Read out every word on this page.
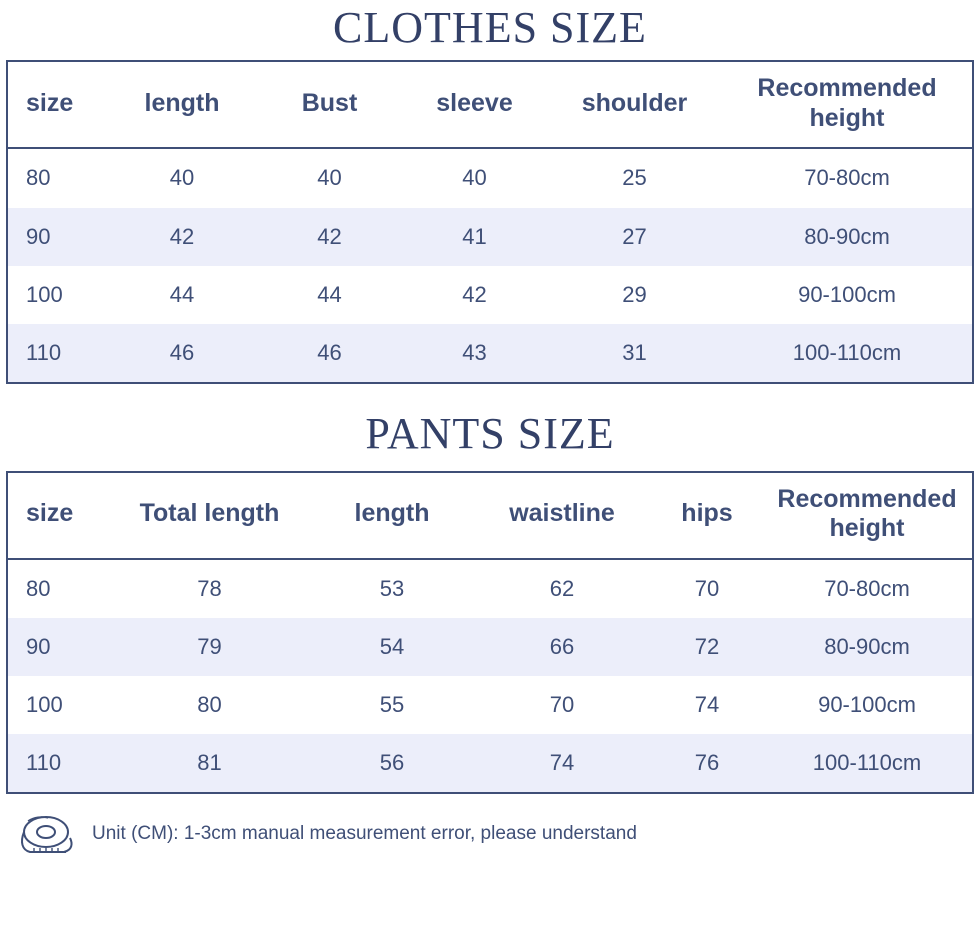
CLOTHES SIZE
size	length	Bust	sleeve	shoulder	Recommended height
80	40	40	40	25	70-80cm
90	42	42	41	27	80-90cm
100	44	44	42	29	90-100cm
110	46	46	43	31	100-110cm
PANTS SIZE
size	Total length	length	waistline	hips	Recommended height
80	78	53	62	70	70-80cm
90	79	54	66	72	80-90cm
100	80	55	70	74	90-100cm
110	81	56	74	76	100-110cm
Unit (CM): 1-3cm manual measurement error, please understand
